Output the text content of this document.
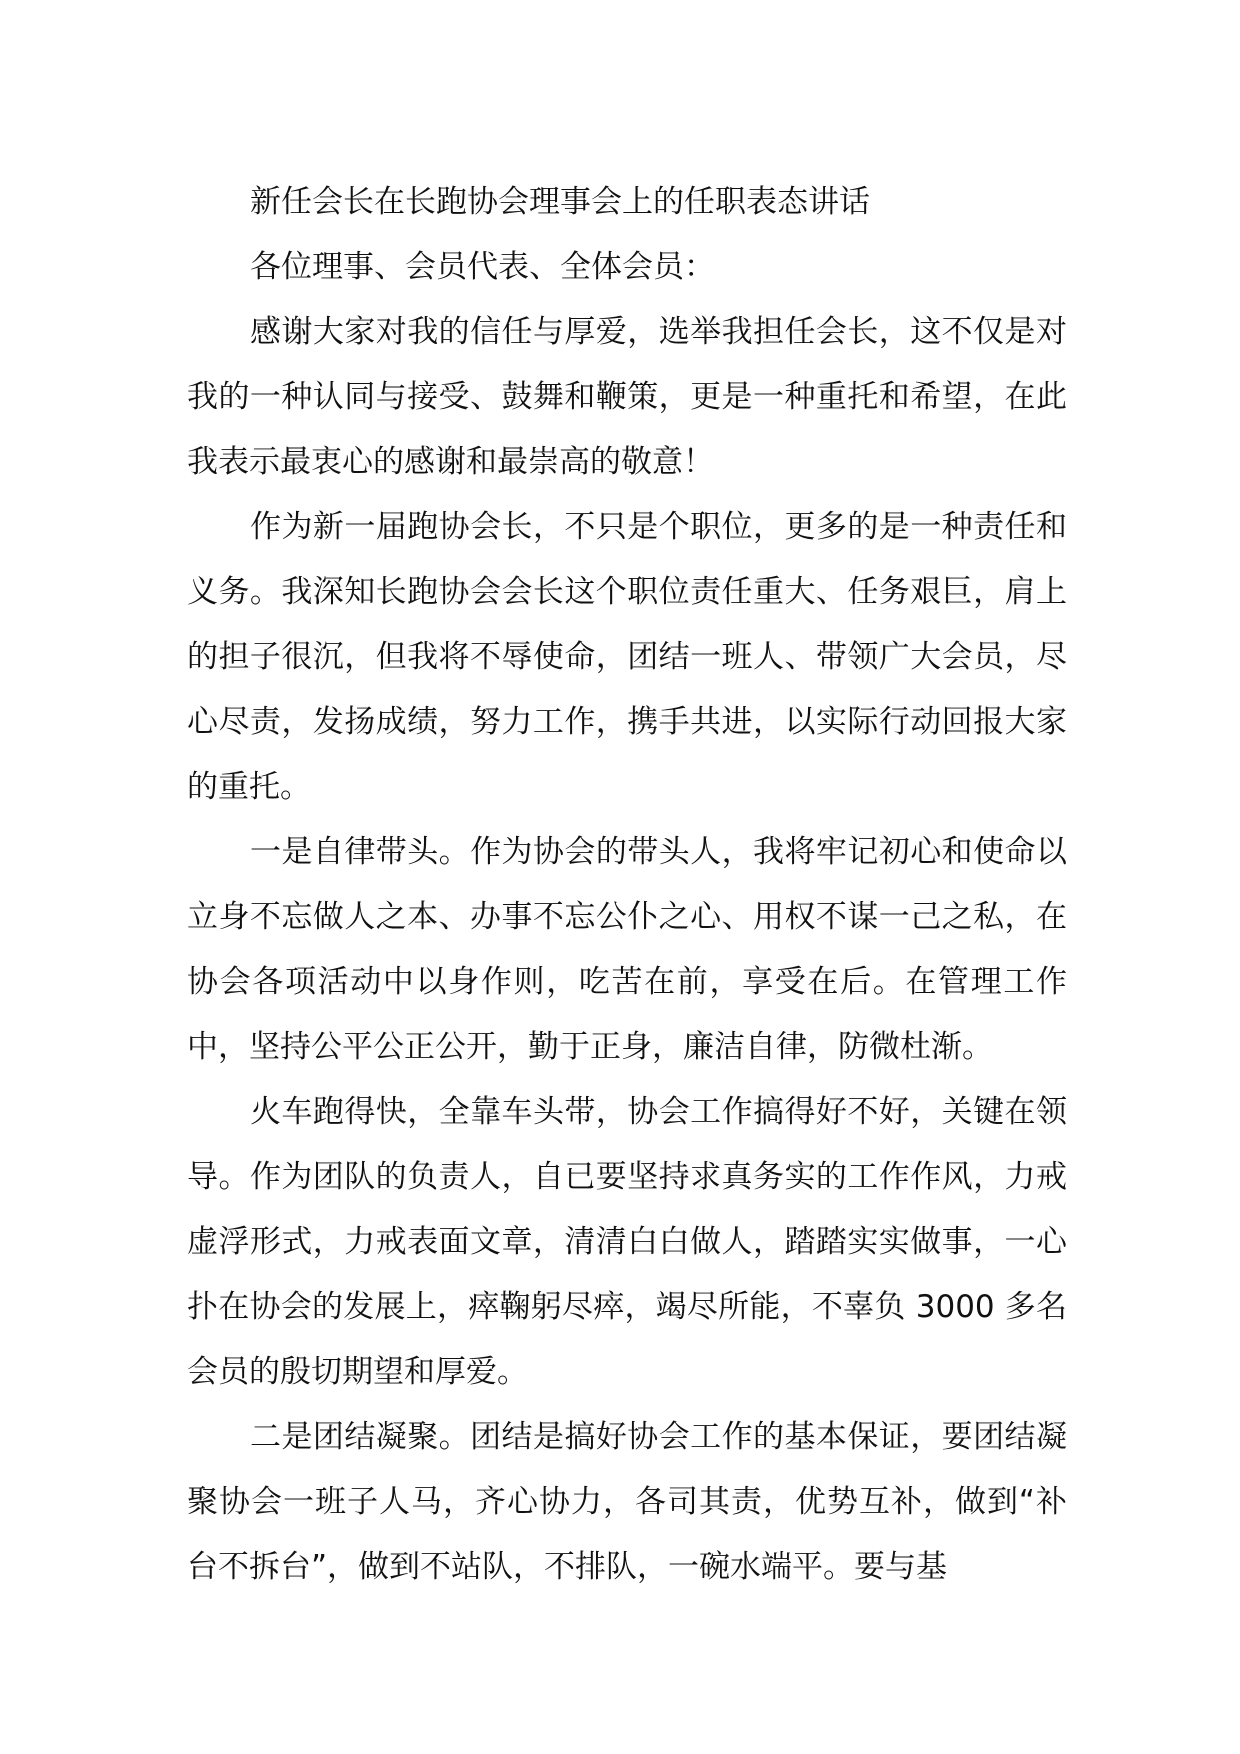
新任会长在长跑协会理事会上的任职表态讲话

各位理事、会员代表、全体会员：

感谢大家对我的信任与厚爱，选举我担任会长，这不仅是对我的一种认同与接受、鼓舞和鞭策，更是一种重托和希望，在此我表示最衷心的感谢和最崇高的敬意！

作为新一届跑协会长，不只是个职位，更多的是一种责任和义务。我深知长跑协会会长这个职位责任重大、任务艰巨，肩上的担子很沉，但我将不辱使命，团结一班人、带领广大会员，尽心尽责，发扬成绩，努力工作，携手共进，以实际行动回报大家的重托。

一是自律带头。作为协会的带头人，我将牢记初心和使命以立身不忘做人之本、办事不忘公仆之心、用权不谋一己之私，在协会各项活动中以身作则，吃苦在前，享受在后。在管理工作中，坚持公平公正公开，勤于正身，廉洁自律，防微杜渐。

火车跑得快，全靠车头带，协会工作搞得好不好，关键在领导。作为团队的负责人，自已要坚持求真务实的工作作风，力戒虚浮形式，力戒表面文章，清清白白做人，踏踏实实做事，一心扑在协会的发展上，瘁鞠躬尽瘁，竭尽所能，不辜负 3000 多名会员的殷切期望和厚爱。

二是团结凝聚。团结是搞好协会工作的基本保证，要团结凝聚协会一班子人马，齐心协力，各司其责，优势互补，做到“补台不拆台”，做到不站队，不排队，一碗水端平。要与基
